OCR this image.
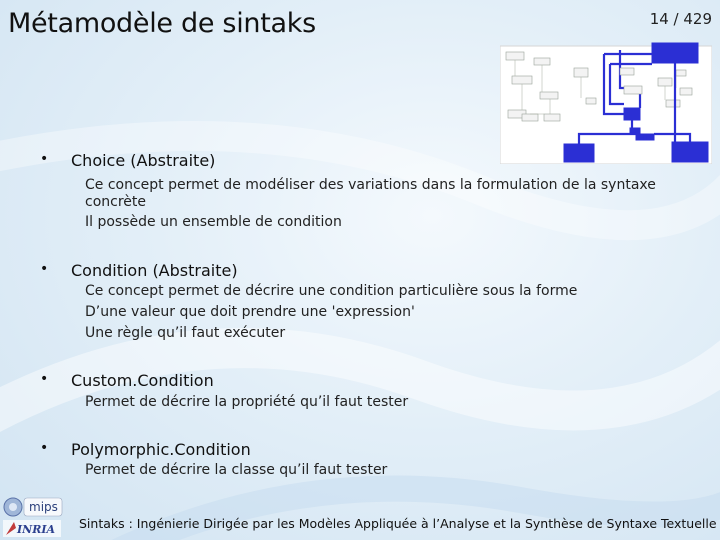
Métamodèle de sintaks	14 / 429
• Choice (Abstraite)
Ce concept permet de modéliser des variations dans la formulation de la syntaxe
concrète
Il possède un ensemble de condition
• Condition (Abstraite)
Ce concept permet de décrire une condition particulière sous la forme
D’une valeur que doit prendre une 'expression'
Une règle qu’il faut exécuter
• Custom.Condition
Permet de décrire la propriété qu’il faut tester
• Polymorphic.Condition
Permet de décrire la classe qu’il faut tester
mips
INRIA Sintaks : Ingénierie Dirigée par les Modèles Appliquée à l’Analyse et la Synthèse de Syntaxe Textuelle
